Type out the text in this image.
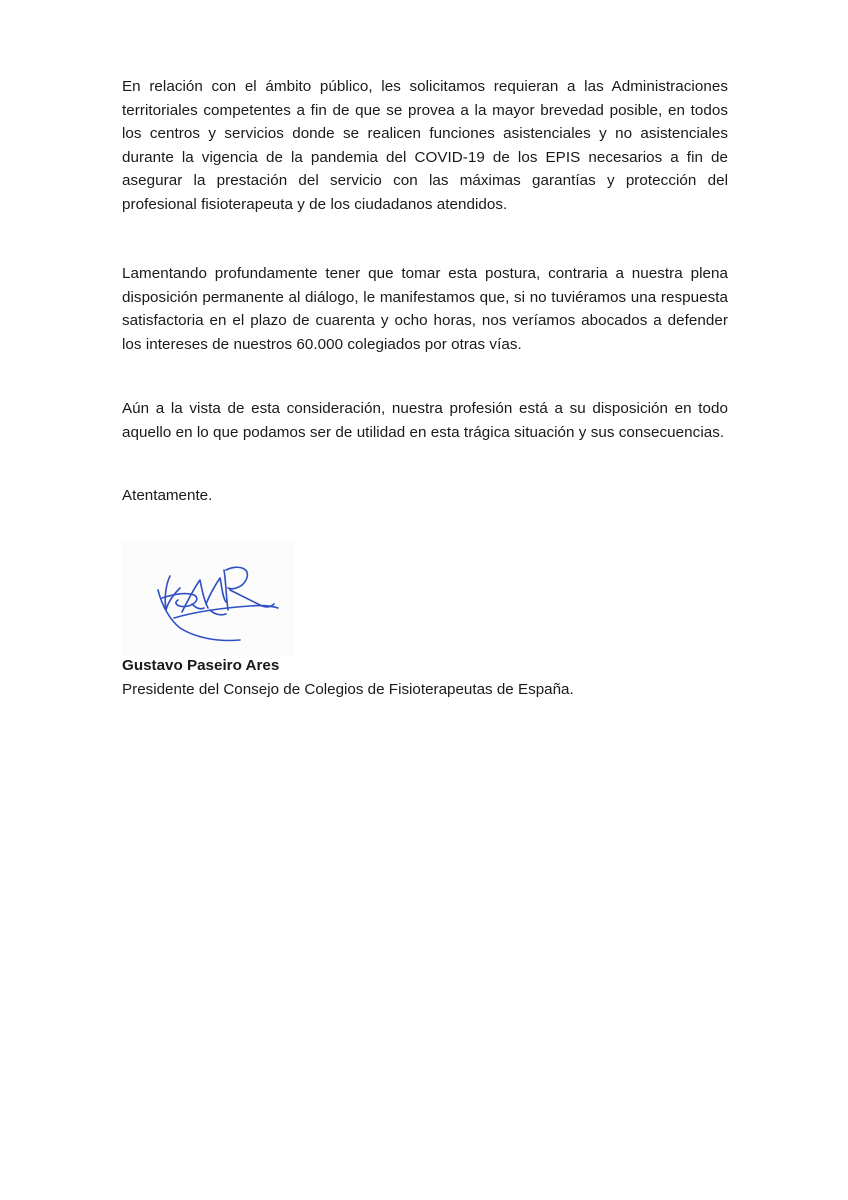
En relación con el ámbito público, les solicitamos requieran a las Administraciones territoriales competentes a fin de que se provea a la mayor brevedad posible, en todos los centros y servicios donde se realicen funciones asistenciales y no asistenciales durante la vigencia de la pandemia del COVID-19 de los EPIS necesarios a fin de asegurar la prestación del servicio con las máximas garantías y protección del profesional fisioterapeuta y de los ciudadanos atendidos.

Lamentando profundamente tener que tomar esta postura, contraria a nuestra plena disposición permanente al diálogo, le manifestamos que, si no tuviéramos una respuesta satisfactoria en el plazo de cuarenta y ocho horas, nos veríamos abocados a defender los intereses de nuestros 60.000 colegiados por otras vías.

Aún a la vista de esta consideración, nuestra profesión está a su disposición en todo aquello en lo que podamos ser de utilidad en esta trágica situación y sus consecuencias.

Atentamente.

Gustavo Paseiro Ares
Presidente del Consejo de Colegios de Fisioterapeutas de España.
